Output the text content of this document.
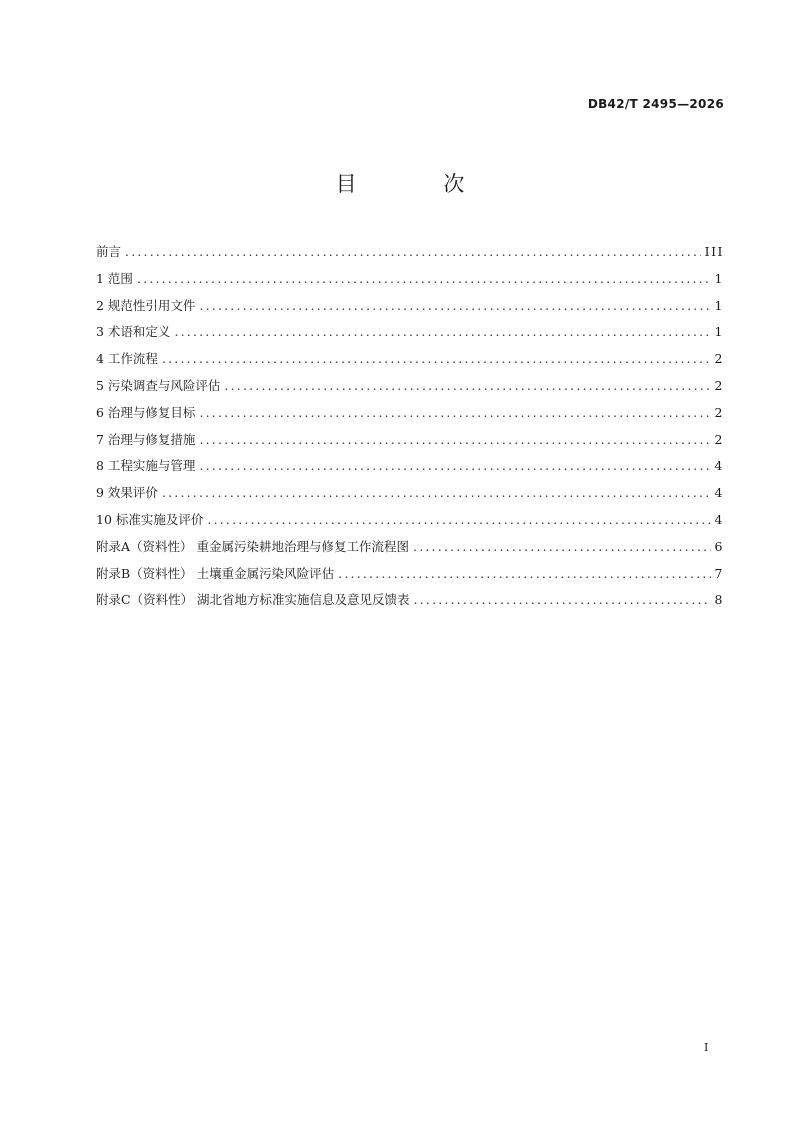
DB42/T 2495—2026
目 次
前言 .....	III
1 范围 .....	1
2 规范性引用文件 .....	1
3 术语和定义 .....	1
4 工作流程 .....	2
5 污染调查与风险评估 .....	2
6 治理与修复目标 .....	2
7 治理与修复措施 .....	2
8 工程实施与管理 .....	4
9 效果评价 .....	4
10 标准实施及评价 .....	4
附录A（资料性） 重金属污染耕地治理与修复工作流程图 .....	6
附录B（资料性） 土壤重金属污染风险评估 .....	7
附录C（资料性） 湖北省地方标准实施信息及意见反馈表 .....	8
I
